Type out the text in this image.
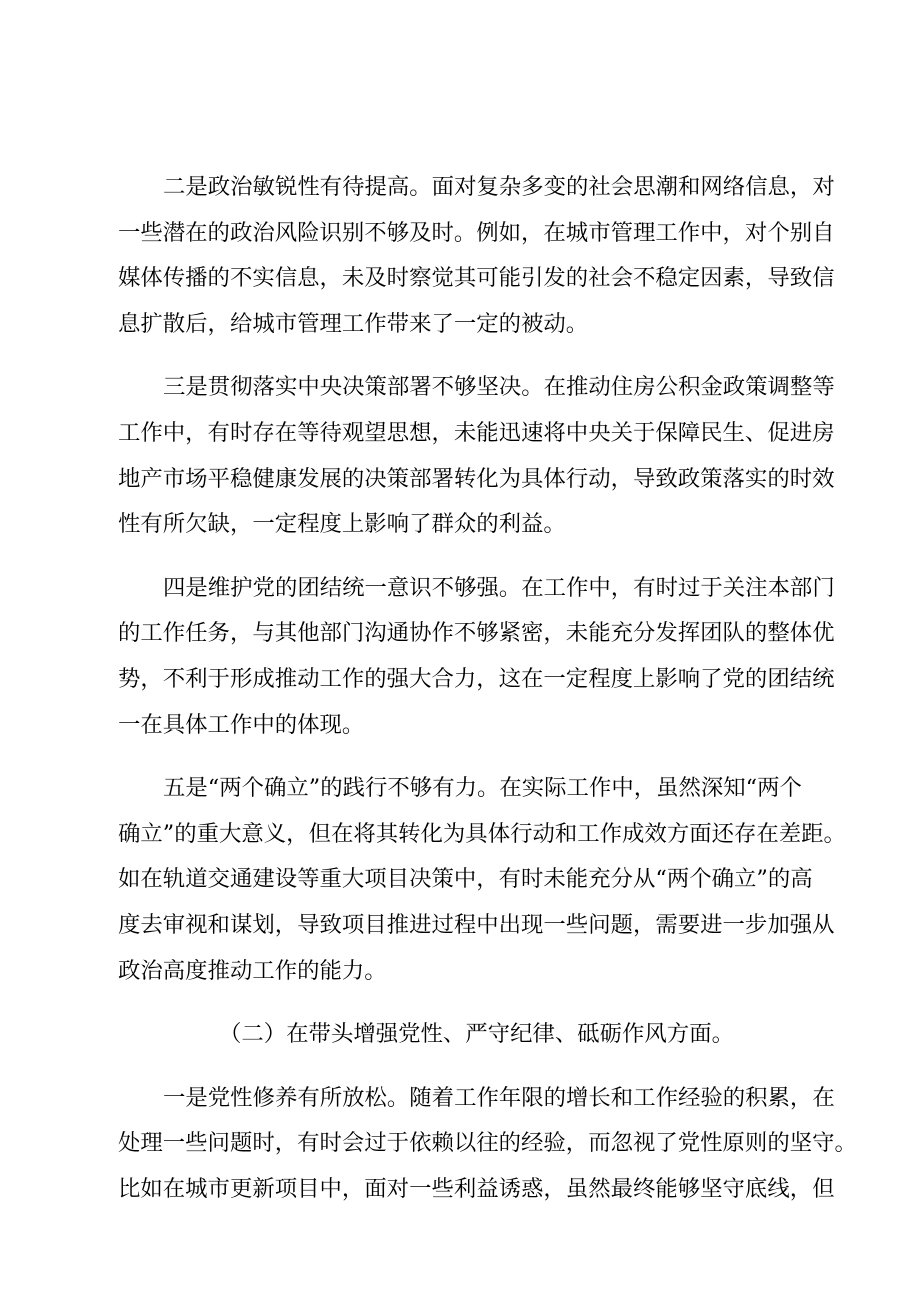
二是政治敏锐性有待提高。面对复杂多变的社会思潮和网络信息，对
一些潜在的政治风险识别不够及时。例如，在城市管理工作中，对个别自
媒体传播的不实信息，未及时察觉其可能引发的社会不稳定因素，导致信
息扩散后，给城市管理工作带来了一定的被动。
三是贯彻落实中央决策部署不够坚决。在推动住房公积金政策调整等
工作中，有时存在等待观望思想，未能迅速将中央关于保障民生、促进房
地产市场平稳健康发展的决策部署转化为具体行动，导致政策落实的时效
性有所欠缺，一定程度上影响了群众的利益。
四是维护党的团结统一意识不够强。在工作中，有时过于关注本部门
的工作任务，与其他部门沟通协作不够紧密，未能充分发挥团队的整体优
势，不利于形成推动工作的强大合力，这在一定程度上影响了党的团结统
一在具体工作中的体现。
五是“两个确立”的践行不够有力。在实际工作中，虽然深知“两个
确立”的重大意义，但在将其转化为具体行动和工作成效方面还存在差距。
如在轨道交通建设等重大项目决策中，有时未能充分从“两个确立”的高
度去审视和谋划，导致项目推进过程中出现一些问题，需要进一步加强从
政治高度推动工作的能力。
（二）在带头增强党性、严守纪律、砥砺作风方面。
一是党性修养有所放松。随着工作年限的增长和工作经验的积累，在
处理一些问题时，有时会过于依赖以往的经验，而忽视了党性原则的坚守。
比如在城市更新项目中，面对一些利益诱惑，虽然最终能够坚守底线，但
